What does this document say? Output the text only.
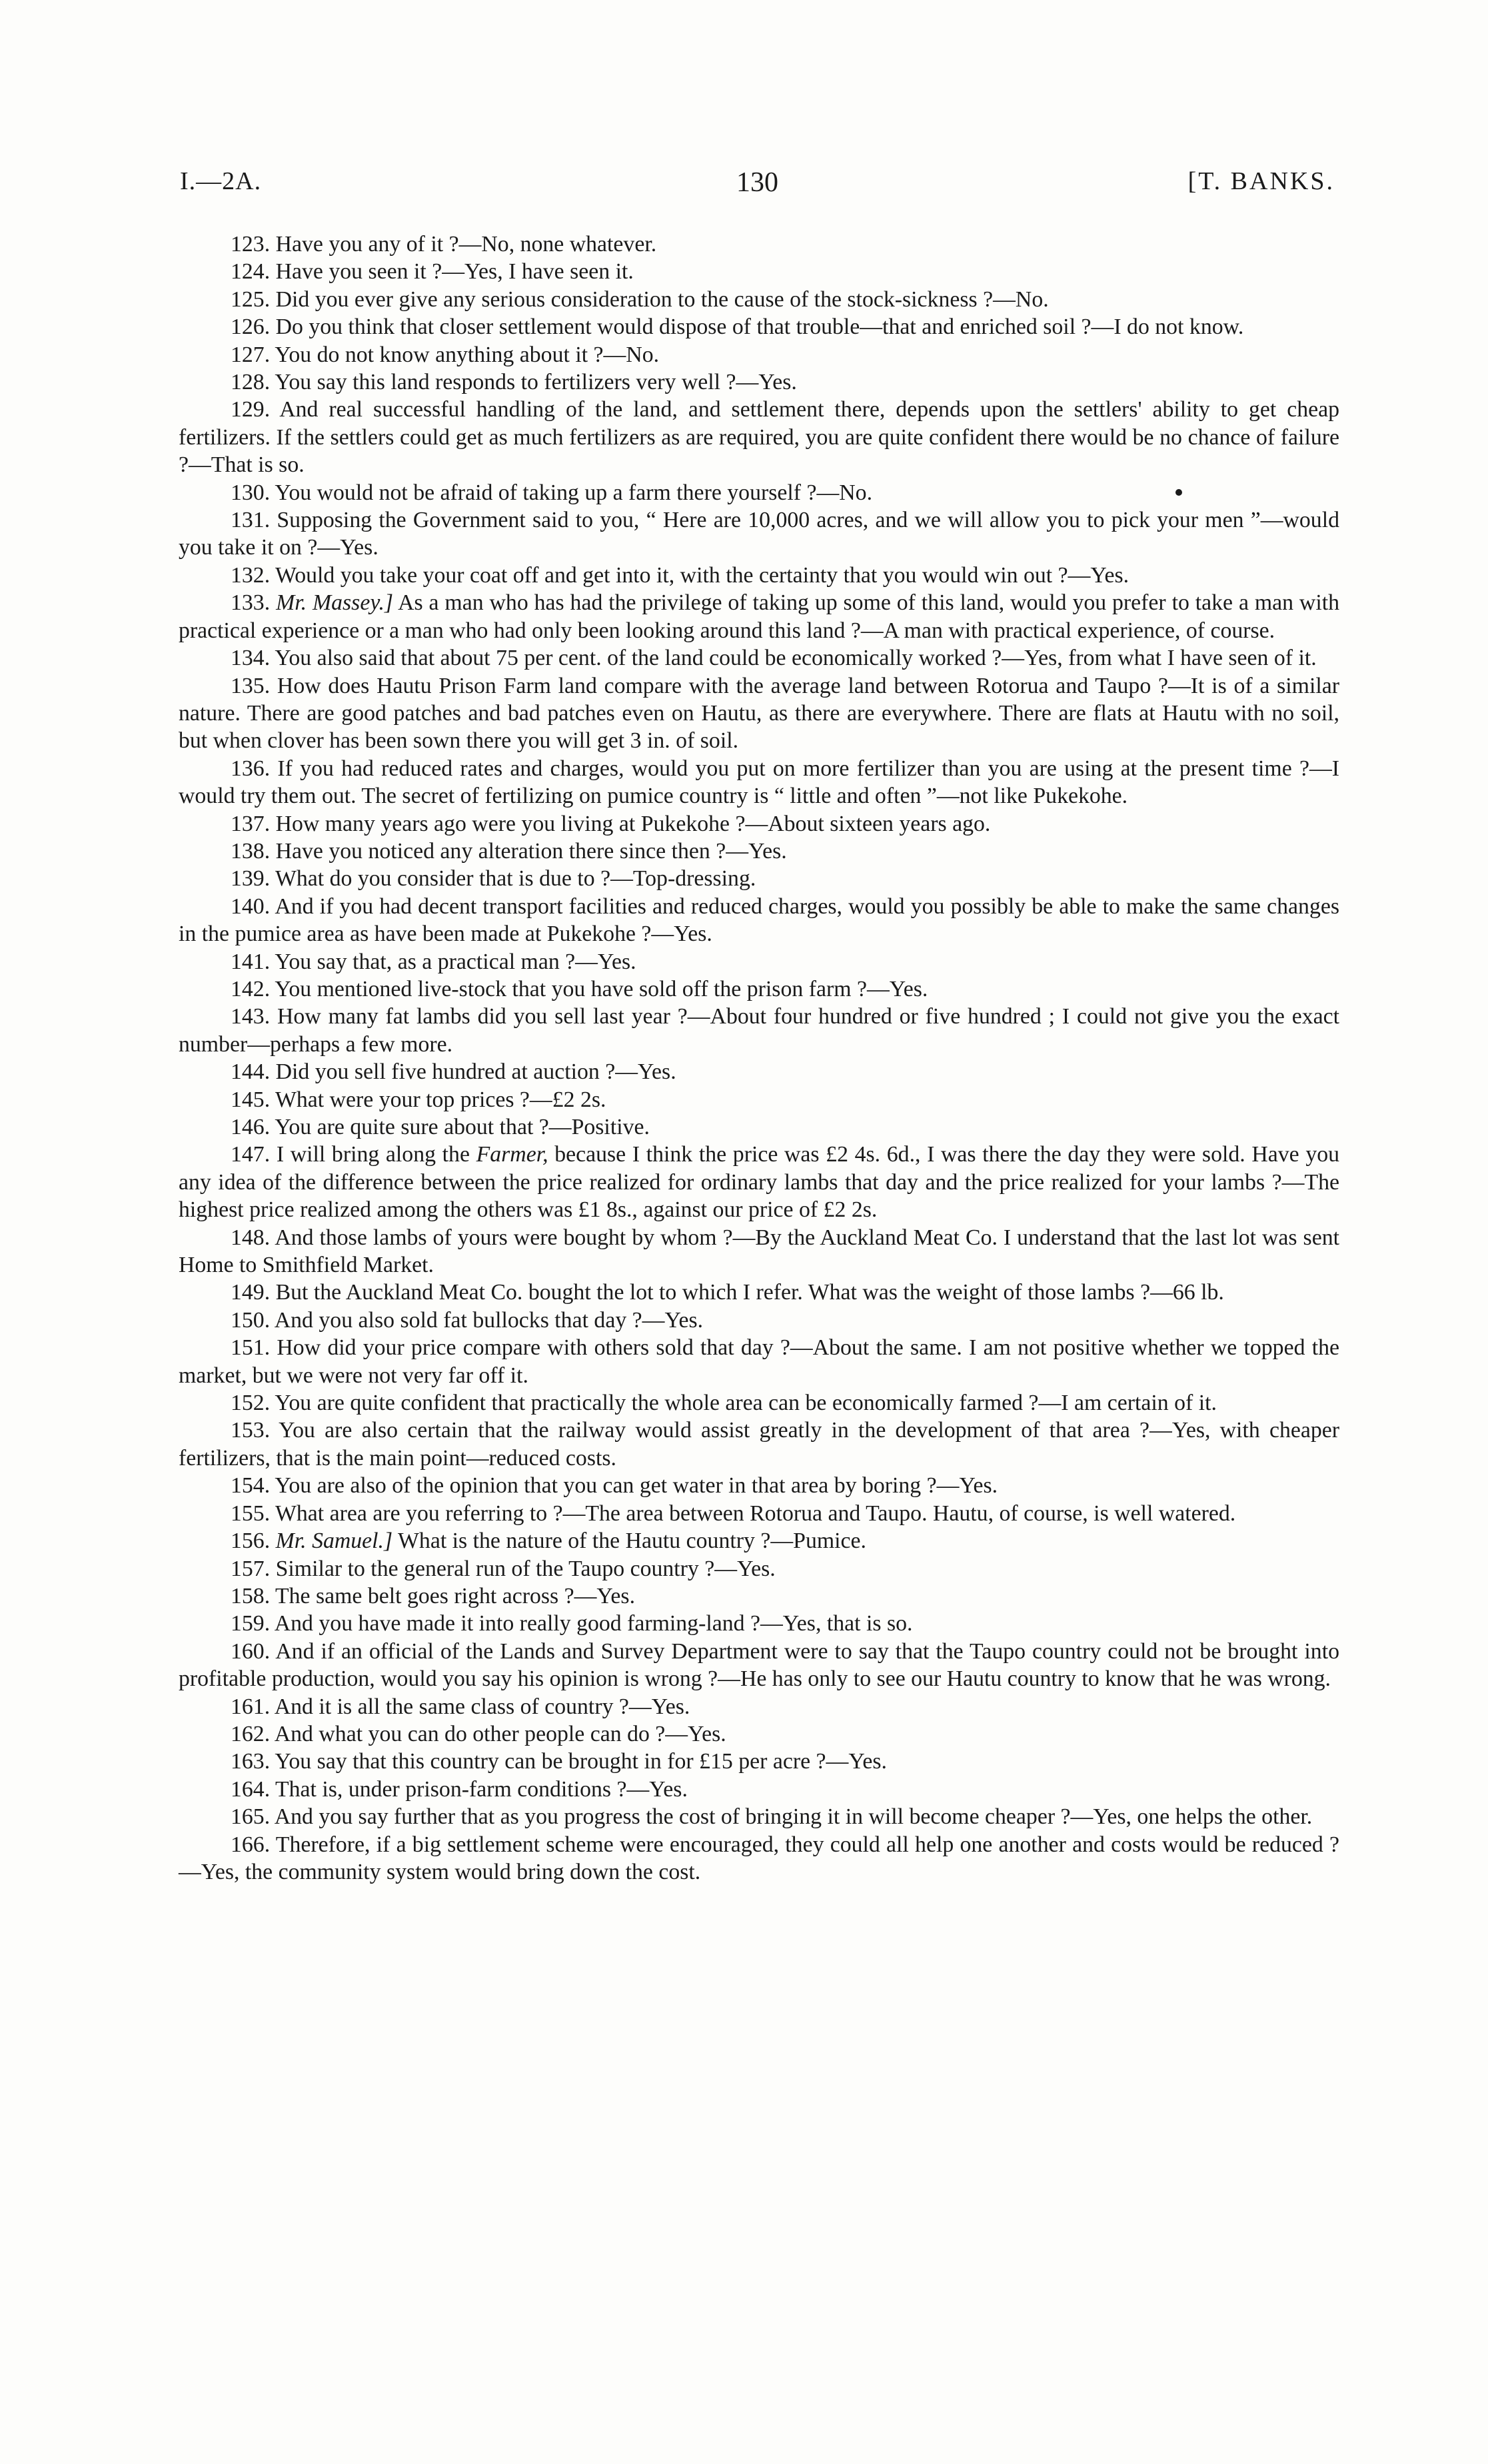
I.—2A.	130	[T. BANKS.

123. Have you any of it ?—No, none whatever.

124. Have you seen it ?—Yes, I have seen it.

125. Did you ever give any serious consideration to the cause of the stock-sickness ?—No.

126. Do you think that closer settlement would dispose of that trouble—that and enriched soil ?—I do not know.

127. You do not know anything about it ?—No.

128. You say this land responds to fertilizers very well ?—Yes.

129. And real successful handling of the land, and settlement there, depends upon the settlers' ability to get cheap fertilizers. If the settlers could get as much fertilizers as are required, you are quite confident there would be no chance of failure ?—That is so.

130. You would not be afraid of taking up a farm there yourself ?—No.

131. Supposing the Government said to you, “ Here are 10,000 acres, and we will allow you to pick your men ”—would you take it on ?—Yes.

132. Would you take your coat off and get into it, with the certainty that you would win out ?—Yes.

133. Mr. Massey.] As a man who has had the privilege of taking up some of this land, would you prefer to take a man with practical experience or a man who had only been looking around this land ?—A man with practical experience, of course.

134. You also said that about 75 per cent. of the land could be economically worked ?—Yes, from what I have seen of it.

135. How does Hautu Prison Farm land compare with the average land between Rotorua and Taupo ?—It is of a similar nature. There are good patches and bad patches even on Hautu, as there are everywhere. There are flats at Hautu with no soil, but when clover has been sown there you will get 3 in. of soil.

136. If you had reduced rates and charges, would you put on more fertilizer than you are using at the present time ?—I would try them out. The secret of fertilizing on pumice country is “ little and often ”—not like Pukekohe.

137. How many years ago were you living at Pukekohe ?—About sixteen years ago.

138. Have you noticed any alteration there since then ?—Yes.

139. What do you consider that is due to ?—Top-dressing.

140. And if you had decent transport facilities and reduced charges, would you possibly be able to make the same changes in the pumice area as have been made at Pukekohe ?—Yes.

141. You say that, as a practical man ?—Yes.

142. You mentioned live-stock that you have sold off the prison farm ?—Yes.

143. How many fat lambs did you sell last year ?—About four hundred or five hundred ; I could not give you the exact number—perhaps a few more.

144. Did you sell five hundred at auction ?—Yes.

145. What were your top prices ?—£2 2s.

146. You are quite sure about that ?—Positive.

147. I will bring along the Farmer, because I think the price was £2 4s. 6d., I was there the day they were sold. Have you any idea of the difference between the price realized for ordinary lambs that day and the price realized for your lambs ?—The highest price realized among the others was £1 8s., against our price of £2 2s.

148. And those lambs of yours were bought by whom ?—By the Auckland Meat Co. I understand that the last lot was sent Home to Smithfield Market.

149. But the Auckland Meat Co. bought the lot to which I refer. What was the weight of those lambs ?—66 lb.

150. And you also sold fat bullocks that day ?—Yes.

151. How did your price compare with others sold that day ?—About the same. I am not positive whether we topped the market, but we were not very far off it.

152. You are quite confident that practically the whole area can be economically farmed ?—I am certain of it.

153. You are also certain that the railway would assist greatly in the development of that area ?—Yes, with cheaper fertilizers, that is the main point—reduced costs.

154. You are also of the opinion that you can get water in that area by boring ?—Yes.

155. What area are you referring to ?—The area between Rotorua and Taupo. Hautu, of course, is well watered.

156. Mr. Samuel.] What is the nature of the Hautu country ?—Pumice.

157. Similar to the general run of the Taupo country ?—Yes.

158. The same belt goes right across ?—Yes.

159. And you have made it into really good farming-land ?—Yes, that is so.

160. And if an official of the Lands and Survey Department were to say that the Taupo country could not be brought into profitable production, would you say his opinion is wrong ?—He has only to see our Hautu country to know that he was wrong.

161. And it is all the same class of country ?—Yes.

162. And what you can do other people can do ?—Yes.

163. You say that this country can be brought in for £15 per acre ?—Yes.

164. That is, under prison-farm conditions ?—Yes.

165. And you say further that as you progress the cost of bringing it in will become cheaper ?—Yes, one helps the other.

166. Therefore, if a big settlement scheme were encouraged, they could all help one another and costs would be reduced ?—Yes, the community system would bring down the cost.
